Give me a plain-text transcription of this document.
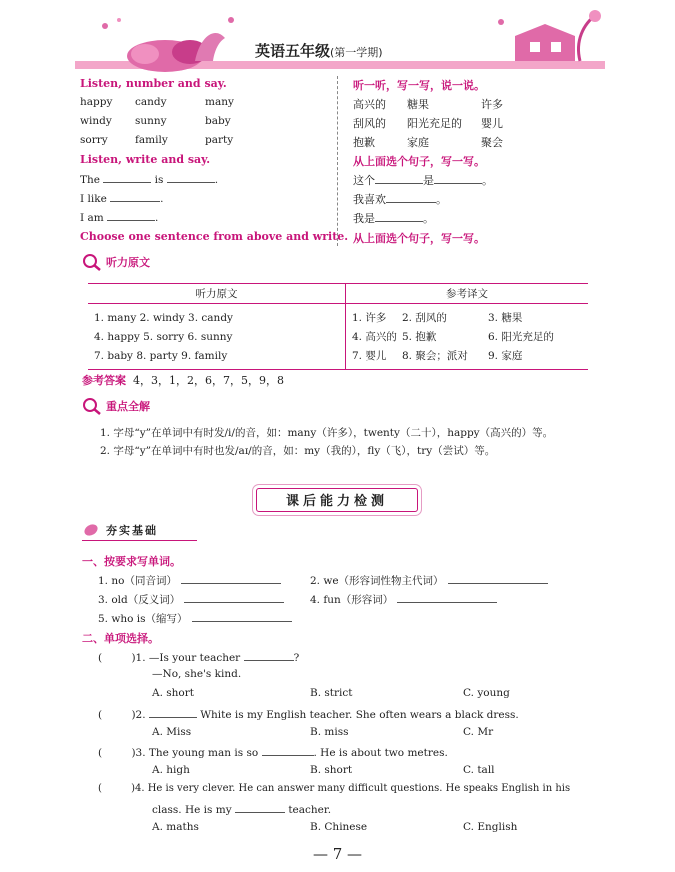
英语五年级(第一学期)
Listen, number and say.
happy	candy	many
windy	sunny	baby
sorry	family	party
Listen, write and say.
The	is	.
I like	.
I am	.
Choose one sentence from above and write.
听一听，写一写，说一说。
高兴的	糖果	许多
刮风的	阳光充足的	婴儿
抱歉	家庭	聚会
从上面选个句子，写一写。
这个	是	。
我喜欢	。
我是	。
从上面选个句子，写一写。
听力原文
听力原文	参考译文
1. many 2. windy 3. candy	1. 许多 2. 刮风的 3. 糖果
4. happy 5. sorry 6. sunny	4. 高兴的 5. 抱歉 6. 阳光充足的
7. baby 8. party 9. family	7. 婴儿 8. 聚会；派对 9. 家庭
参考答案 4，3，1，2，6，7，5，9，8
重点全解
1. 字母“y”在单词中有时发/i/的音，如：many（许多），twenty（二十），happy（高兴的）等。
2. 字母“y”在单词中有时也发/aɪ/的音，如：my（我的），fly（飞），try（尝试）等。
课后能力检测
夯实基础
一、按要求写单词。
1. no（同音词）	2. we（形容词性物主代词）
3. old（反义词）	4. fun（形容词）
5. who is（缩写）
二、单项选择。
( )1. —Is your teacher	?
—No, she's kind.
A. short	B. strict	C. young
( )2.	White is my English teacher. She often wears a black dress.
A. Miss	B. miss	C. Mr
( )3. The young man is so	. He is about two metres.
A. high	B. short	C. tall
(	)4. He is very clever. He can answer many difficult questions. He speaks English in his
class. He is my	teacher.
A. maths	B. Chinese	C. English
— 7 —
